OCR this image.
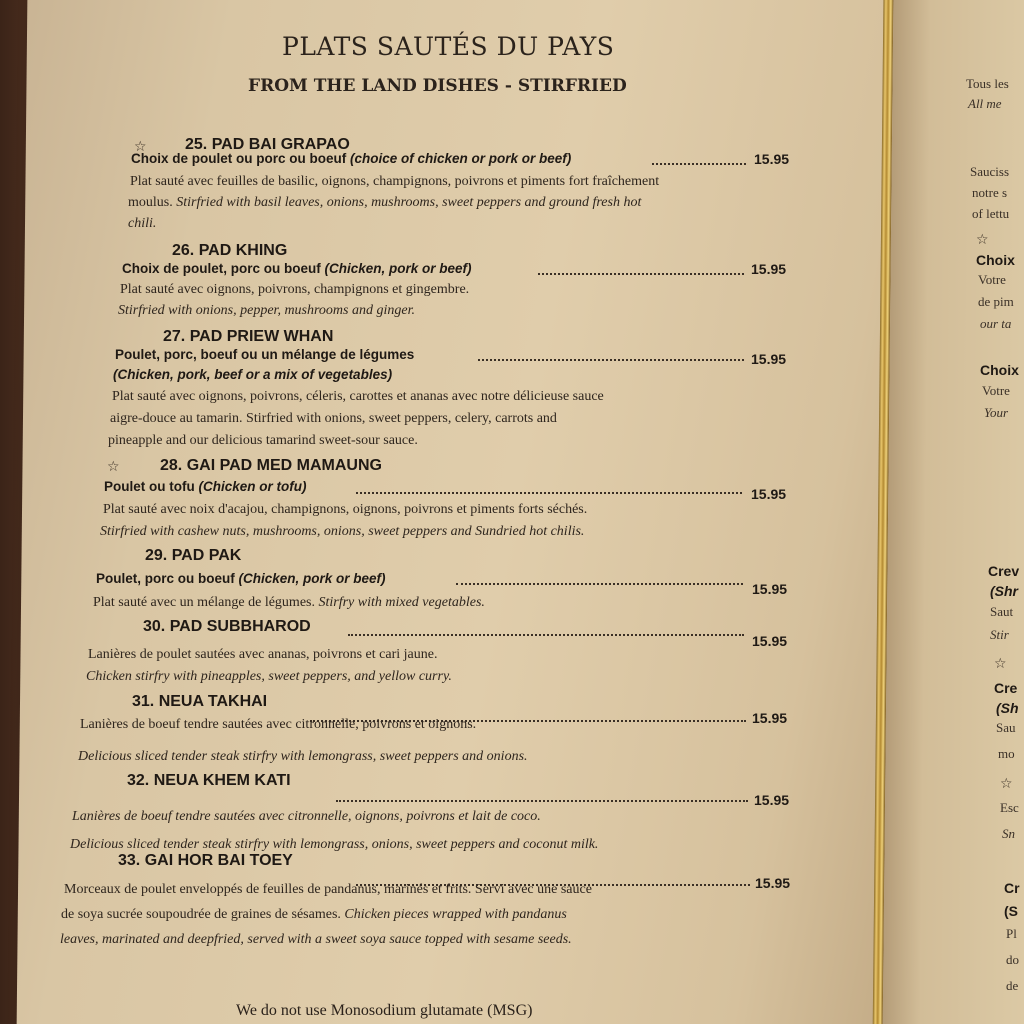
PLATS SAUTÉS DU PAYS
FROM THE LAND DISHES - STIRFRIED
☆ 25. PAD BAI GRAPAO
Choix de poulet ou porc ou boeuf (choice of chicken or pork or beef)	15.95
Plat sauté avec feuilles de basilic, oignons, champignons, poivrons et piments fort fraîchement
moulus. Stirfried with basil leaves, onions, mushrooms, sweet peppers and ground fresh hot
chili.
26. PAD KHING
Choix de poulet, porc ou boeuf (Chicken, pork or beef)	15.95
Plat sauté avec oignons, poivrons, champignons et gingembre.
Stirfried with onions, pepper, mushrooms and ginger.
27. PAD PRIEW WHAN
Poulet, porc, boeuf ou un mélange de légumes	15.95
(Chicken, pork, beef or a mix of vegetables)
Plat sauté avec oignons, poivrons, céleris, carottes et ananas avec notre délicieuse sauce
aigre-douce au tamarin. Stirfried with onions, sweet peppers, celery, carrots and
pineapple and our delicious tamarind sweet-sour sauce.
☆	28. GAI PAD MED MAMAUNG
Poulet ou tofu (Chicken or tofu)	15.95
Plat sauté avec noix d'acajou, champignons, oignons, poivrons et piments forts séchés.
Stirfried with cashew nuts, mushrooms, onions, sweet peppers and Sundried hot chilis.
29. PAD PAK
Poulet, porc ou boeuf (Chicken, pork or beef)
15.95
Plat sauté avec un mélange de légumes. Stirfry with mixed vegetables.
30. PAD SUBBHAROD
15.95
Lanières de poulet sautées avec ananas, poivrons et cari jaune.
Chicken stirfry with pineapples, sweet peppers, and yellow curry.
31. NEUA TAKHAI
15.95
Lanières de boeuf tendre sautées avec citronnelle, poivrons et oignons.
Delicious sliced tender steak stirfry with lemongrass, sweet peppers and onions.
32. NEUA KHEM KATI
15.95
Lanières de boeuf tendre sautées avec citronnelle, oignons, poivrons et lait de coco.
Delicious sliced tender steak stirfry with lemongrass, onions, sweet peppers and coconut milk.
33. GAI HOR BAI TOEY
15.95
Morceaux de poulet enveloppés de feuilles de pandanus, marinés et frits. Servi avec une sauce
de soya sucrée soupoudrée de graines de sésames. Chicken pieces wrapped with pandanus
leaves, marinated and deepfried, served with a sweet soya sauce topped with sesame seeds.
We do not use Monosodium glutamate (MSG)
Tous les
All me
Sauciss
notre s
of lettu
☆
Choix
Votre
de pim
our ta
Choix
Votre
Your
Crev
(Shr
Saut
Stir
☆
Cre
(Sh
Sau
mo
☆
Esc
Sn
Cr
(S
Pl
do
de
